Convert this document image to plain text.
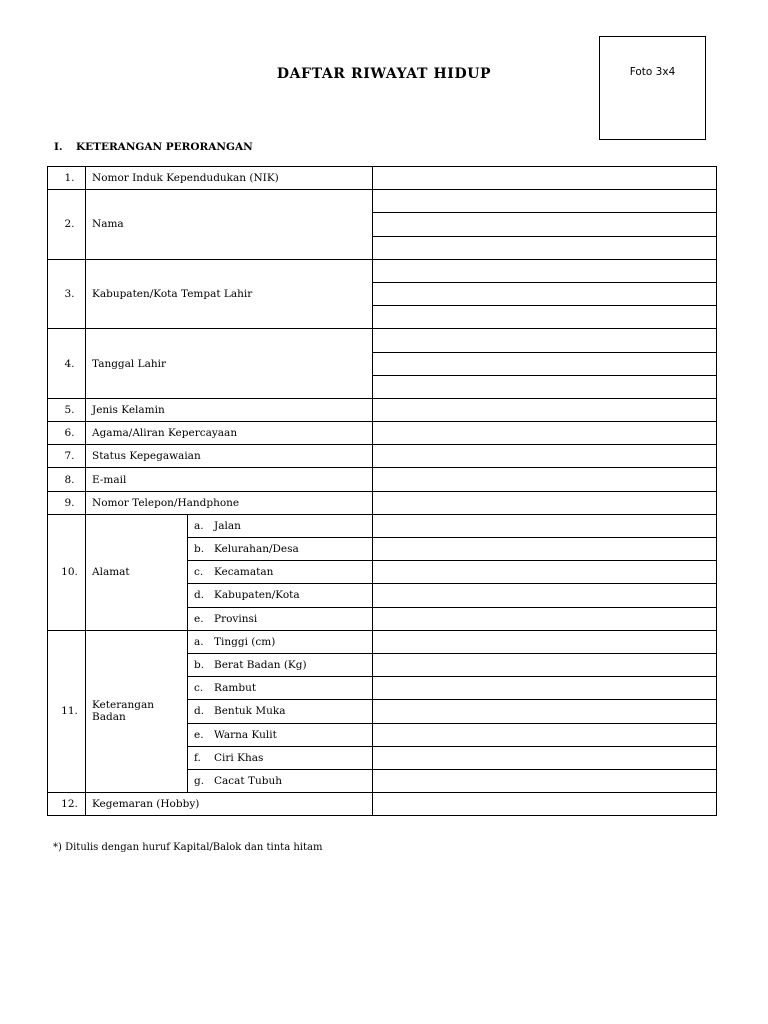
DAFTAR RIWAYAT HIDUP	Foto 3x4
I. KETERANGAN PERORANGAN
1.	Nomor Induk Kependudukan (NIK)		
2.	Nama		

3.	Kabupaten/Kota Tempat Lahir		

4.	Tanggal Lahir		

5.	Jenis Kelamin		
6.	Agama/Aliran Kepercayaan		
7.	Status Kepegawaian		
8.	E-mail		
9.	Nomor Telepon/Handphone		
10.	Alamat	a. Jalan	
		b. Kelurahan/Desa	
		c. Kecamatan	
		d. Kabupaten/Kota	
		e. Provinsi	
11.	Keterangan Badan	a. Tinggi (cm)	
		b. Berat Badan (Kg)	
		c. Rambut	
		d. Bentuk Muka	
		e. Warna Kulit	
		f. Ciri Khas	
		g. Cacat Tubuh	
12.	Kegemaran (Hobby)		
*) Ditulis dengan huruf Kapital/Balok dan tinta hitam
